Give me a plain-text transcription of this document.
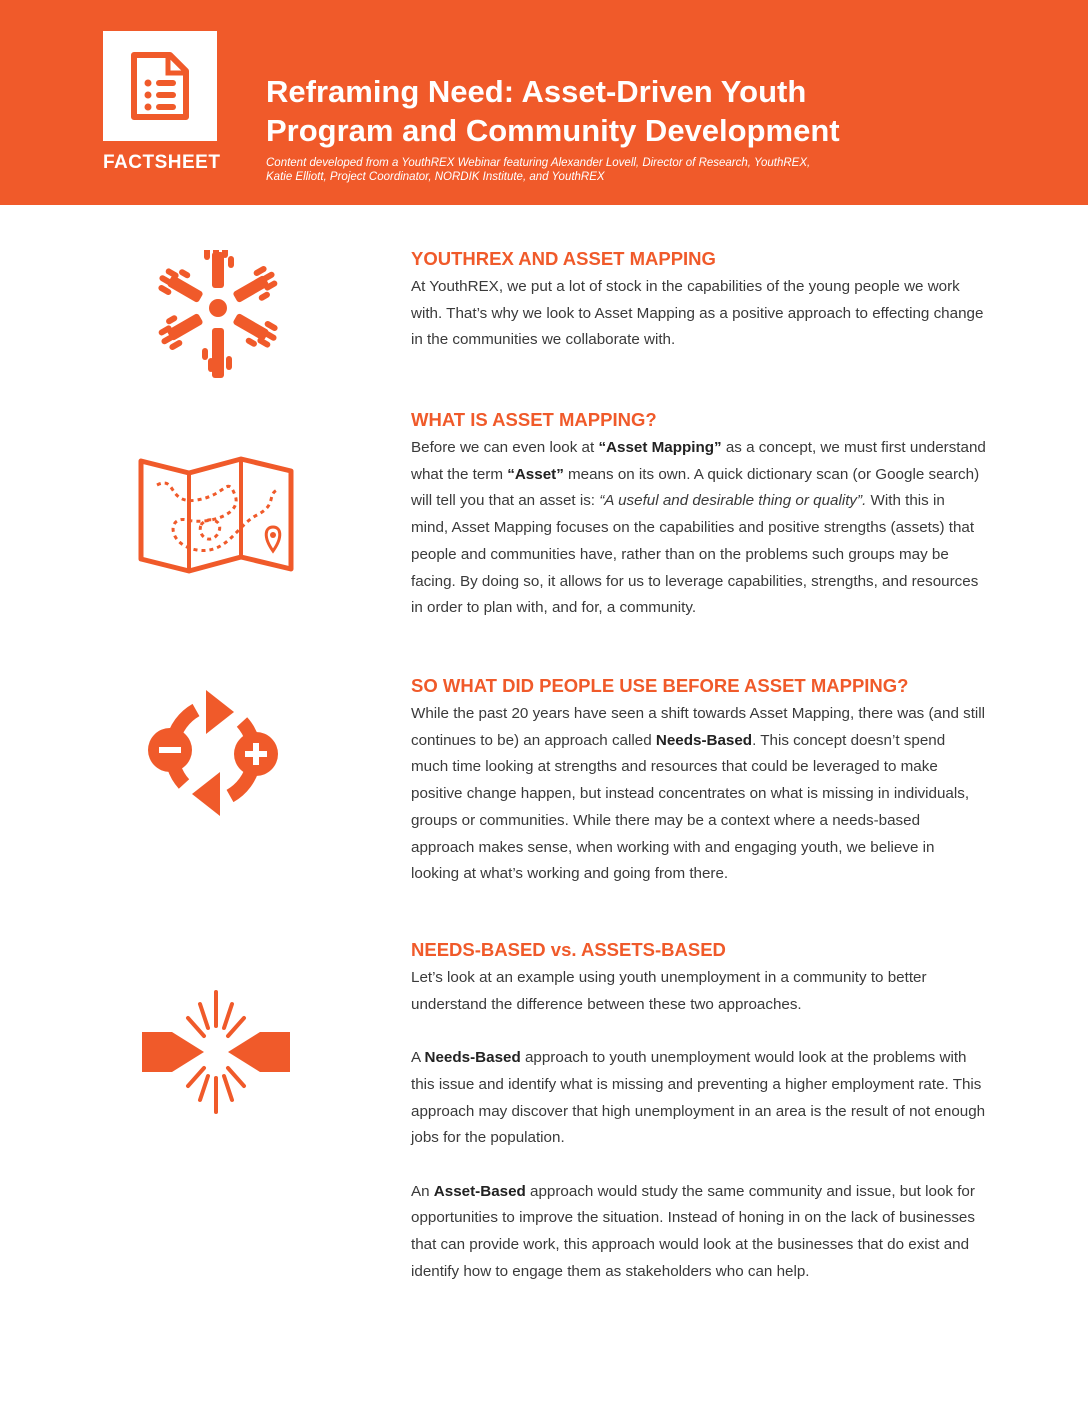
FACTSHEET
Reframing Need: Asset-Driven Youth
Program and Community Development

Content developed from a YouthREX Webinar featuring Alexander Lovell, Director of Research, YouthREX,
Katie Elliott, Project Coordinator, NORDIK Institute, and YouthREX

YOUTHREX AND ASSET MAPPING

At YouthREX, we put a lot of stock in the capabilities of the young people we work with. That’s why we look to Asset Mapping as a positive approach to effecting change in the communities we collaborate with.

WHAT IS ASSET MAPPING?

Before we can even look at “Asset Mapping” as a concept, we must first understand what the term “Asset” means on its own. A quick dictionary scan (or Google search) will tell you that an asset is: “A useful and desirable thing or quality”. With this in mind, Asset Mapping focuses on the capabilities and positive strengths (assets) that people and communities have, rather than on the problems such groups may be facing. By doing so, it allows for us to leverage capabilities, strengths, and resources in order to plan with, and for, a community.

SO WHAT DID PEOPLE USE BEFORE ASSET MAPPING?

While the past 20 years have seen a shift towards Asset Mapping, there was (and still continues to be) an approach called Needs-Based. This concept doesn’t spend much time looking at strengths and resources that could be leveraged to make positive change happen, but instead concentrates on what is missing in individuals, groups or communities. While there may be a context where a needs-based approach makes sense, when working with and engaging youth, we believe in looking at what’s working and going from there.

NEEDS-BASED vs. ASSETS-BASED

Let’s look at an example using youth unemployment in a community to better understand the difference between these two approaches.

A Needs-Based approach to youth unemployment would look at the problems with this issue and identify what is missing and preventing a higher employment rate. This approach may discover that high unemployment in an area is the result of not enough jobs for the population.

An Asset-Based approach would study the same community and issue, but look for opportunities to improve the situation. Instead of honing in on the lack of businesses that can provide work, this approach would look at the businesses that do exist and identify how to engage them as stakeholders who can help.
